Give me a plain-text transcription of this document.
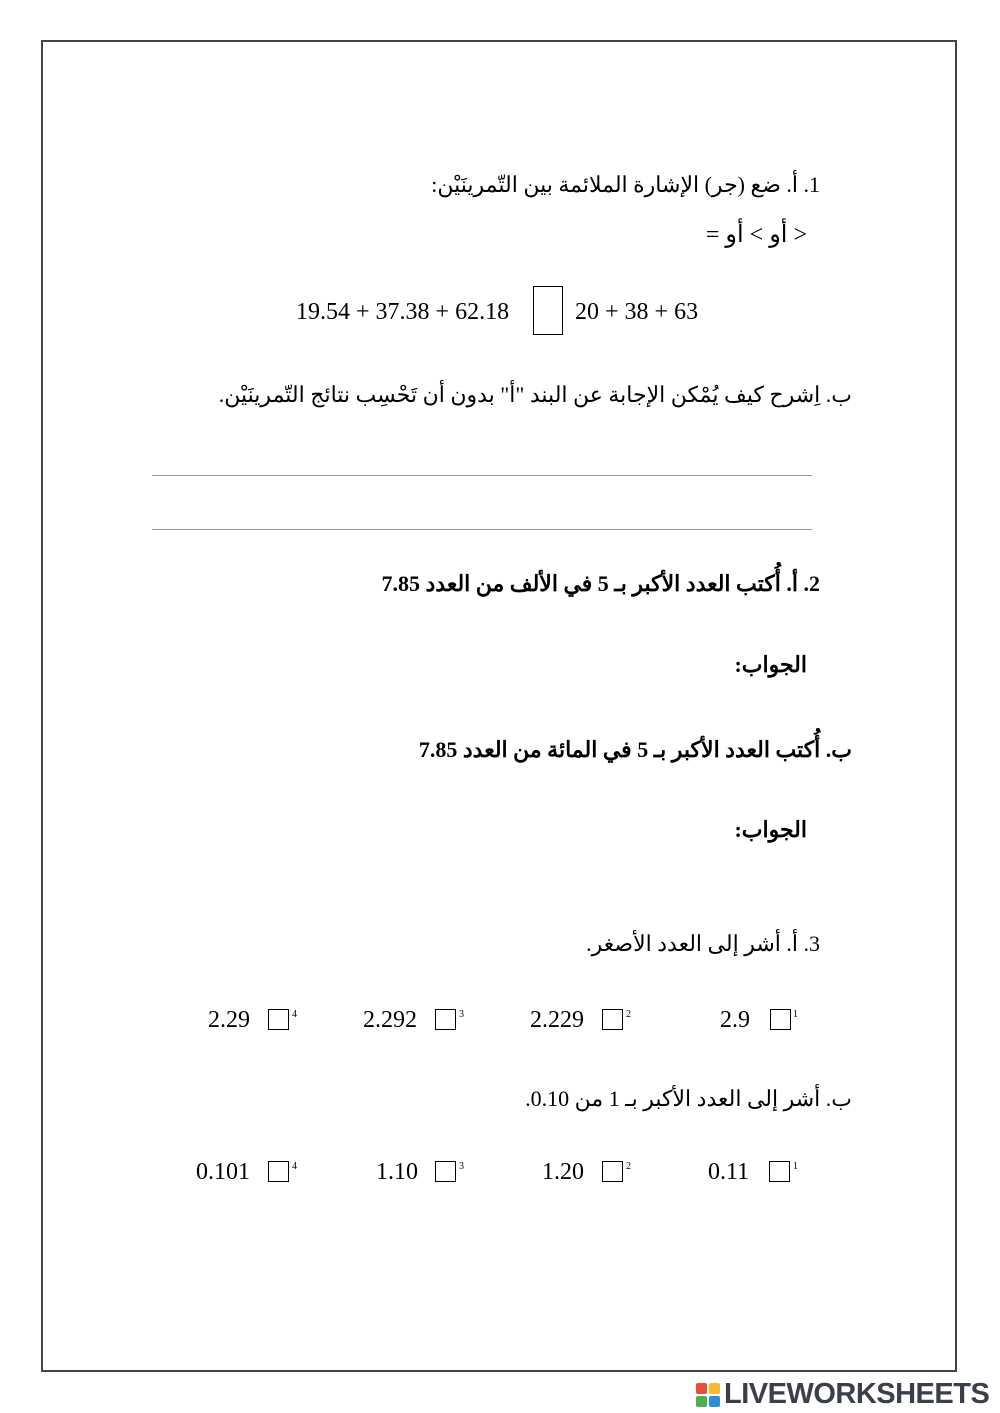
1. أ. ضع (جر) الإشارة الملائمة بين التّمرينَيْن:
< أو > أو =
19.54 + 37.38 + 62.18	20 + 38 + 63
ب. اِشرح كيف يُمْكن الإجابة عن البند "أ" بدون أن تَحْسِب نتائج التّمرينَيْن.
2. أ. أُكتب العدد الأكبر بـ 5 في الألف من العدد 7.85
الجواب:
ب. أُكتب العدد الأكبر بـ 5 في المائة من العدد 7.85
الجواب:
3. أ. أشر إلى العدد الأصغر.
2.9	1
2.229	2
2.292	3
2.29	4
ب. أشر إلى العدد الأكبر بـ 1 من 0.10.
0.11	1
1.20	2
1.10	3
0.101	4
LIVEWORKSHEETS
